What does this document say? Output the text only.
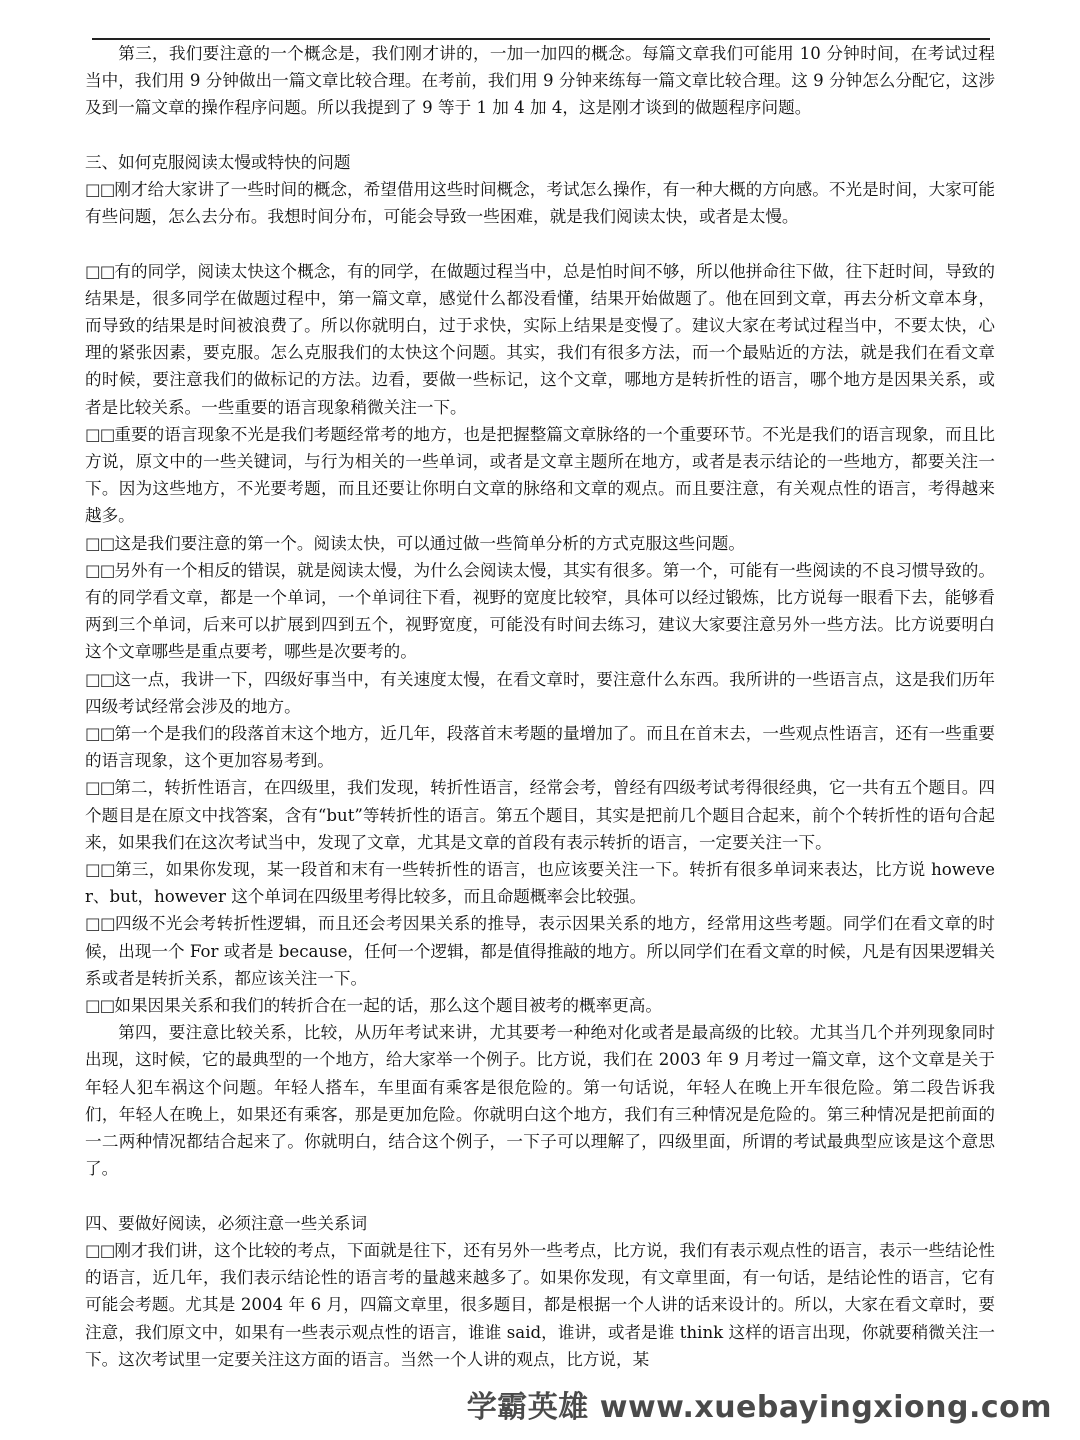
第三，我们要注意的一个概念是，我们刚才讲的，一加一加四的概念。每篇文章我们可能用 10 分钟时间，在考试过程当中，我们用 9 分钟做出一篇文章比较合理。在考前，我们用 9 分钟来练每一篇文章比较合理。这 9 分钟怎么分配它，这涉及到一篇文章的操作程序问题。所以我提到了 9 等于 1 加 4 加 4，这是刚才谈到的做题程序问题。

三、如何克服阅读太慢或特快的问题

□□ 刚才给大家讲了一些时间的概念，希望借用这些时间概念，考试怎么操作，有一种大概的方向感。不光是时间，大家可能有些问题，怎么去分布。我想时间分布，可能会导致一些困难，就是我们阅读太快，或者是太慢。

□□ 有的同学，阅读太快这个概念，有的同学，在做题过程当中，总是怕时间不够，所以他拼命往下做，往下赶时间，导致的结果是，很多同学在做题过程中，第一篇文章，感觉什么都没看懂，结果开始做题了。他在回到文章，再去分析文章本身，而导致的结果是时间被浪费了。所以你就明白，过于求快，实际上结果是变慢了。建议大家在考试过程当中，不要太快，心理的紧张因素，要克服。怎么克服我们的太快这个问题。其实，我们有很多方法，而一个最贴近的方法，就是我们在看文章的时候，要注意我们的做标记的方法。边看，要做一些标记，这个文章，哪地方是转折性的语言，哪个地方是因果关系，或者是比较关系。一些重要的语言现象稍微关注一下。

□□ 重要的语言现象不光是我们考题经常考的地方，也是把握整篇文章脉络的一个重要环节。不光是我们的语言现象，而且比方说，原文中的一些关键词，与行为相关的一些单词，或者是文章主题所在地方，或者是表示结论的一些地方，都要关注一下。因为这些地方，不光要考题，而且还要让你明白文章的脉络和文章的观点。而且要注意，有关观点性的语言，考得越来越多。

□□ 这是我们要注意的第一个。阅读太快，可以通过做一些简单分析的方式克服这些问题。

□□ 另外有一个相反的错误，就是阅读太慢，为什么会阅读太慢，其实有很多。第一个，可能有一些阅读的不良习惯导致的。有的同学看文章，都是一个单词，一个单词往下看，视野的宽度比较窄，具体可以经过锻炼，比方说每一眼看下去，能够看两到三个单词，后来可以扩展到四到五个，视野宽度，可能没有时间去练习，建议大家要注意另外一些方法。比方说要明白这个文章哪些是重点要考，哪些是次要考的。

□□ 这一点，我讲一下，四级好事当中，有关速度太慢，在看文章时，要注意什么东西。我所讲的一些语言点，这是我们历年四级考试经常会涉及的地方。

□□ 第一个是我们的段落首末这个地方，近几年，段落首末考题的量增加了。而且在首末去，一些观点性语言，还有一些重要的语言现象，这个更加容易考到。

□□ 第二，转折性语言，在四级里，我们发现，转折性语言，经常会考，曾经有四级考试考得很经典，它一共有五个题目。四个题目是在原文中找答案，含有“but”等转折性的语言。第五个题目，其实是把前几个题目合起来，前个个转折性的语句合起来，如果我们在这次考试当中，发现了文章，尤其是文章的首段有表示转折的语言，一定要关注一下。

□□ 第三，如果你发现，某一段首和末有一些转折性的语言，也应该要关注一下。转折有很多单词来表达，比方说 however、but，however 这个单词在四级里考得比较多，而且命题概率会比较强。

□□ 四级不光会考转折性逻辑，而且还会考因果关系的推导，表示因果关系的地方，经常用这些考题。同学们在看文章的时候，出现一个 For 或者是 because，任何一个逻辑，都是值得推敲的地方。所以同学们在看文章的时候，凡是有因果逻辑关系或者是转折关系，都应该关注一下。

□□ 如果因果关系和我们的转折合在一起的话，那么这个题目被考的概率更高。

第四，要注意比较关系，比较，从历年考试来讲，尤其要考一种绝对化或者是最高级的比较。尤其当几个并列现象同时出现，这时候，它的最典型的一个地方，给大家举一个例子。比方说，我们在 2003 年 9 月考过一篇文章，这个文章是关于年轻人犯车祸这个问题。年轻人搭车，车里面有乘客是很危险的。第一句话说，年轻人在晚上开车很危险。第二段告诉我们，年轻人在晚上，如果还有乘客，那是更加危险。你就明白这个地方，我们有三种情况是危险的。第三种情况是把前面的一二两种情况都结合起来了。你就明白，结合这个例子，一下子可以理解了，四级里面，所谓的考试最典型应该是这个意思了。

四、要做好阅读，必须注意一些关系词

□□ 刚才我们讲，这个比较的考点，下面就是往下，还有另外一些考点，比方说，我们有表示观点性的语言，表示一些结论性的语言，近几年，我们表示结论性的语言考的量越来越多了。如果你发现，有文章里面，有一句话，是结论性的语言，它有可能会考题。尤其是 2004 年 6 月，四篇文章里，很多题目，都是根据一个人讲的话来设计的。所以，大家在看文章时，要注意，我们原文中，如果有一些表示观点性的语言，谁谁 said，谁讲，或者是谁 think 这样的语言出现，你就要稍微关注一下。这次考试里一定要关注这方面的语言。当然一个人讲的观点，比方说，某

学霸英雄 www.xuebayingxiong.com
